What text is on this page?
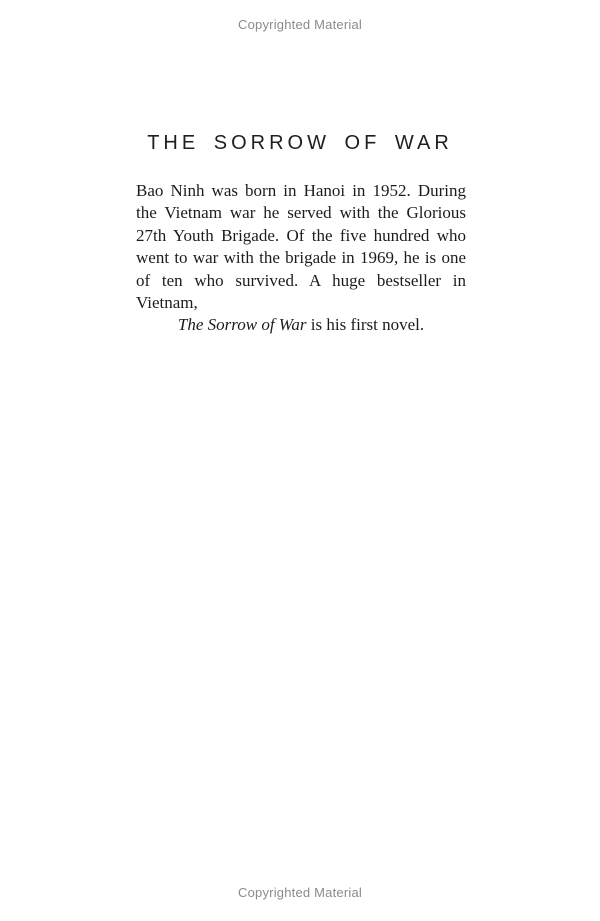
Copyrighted Material
THE SORROW OF WAR
Bao Ninh was born in Hanoi in 1952. During
the Vietnam war he served with the Glorious
27th Youth Brigade. Of the five hundred who
went to war with the brigade in 1969, he is one
of ten who survived. A huge bestseller in Vietnam,
The Sorrow of War is his first novel.
Copyrighted Material
